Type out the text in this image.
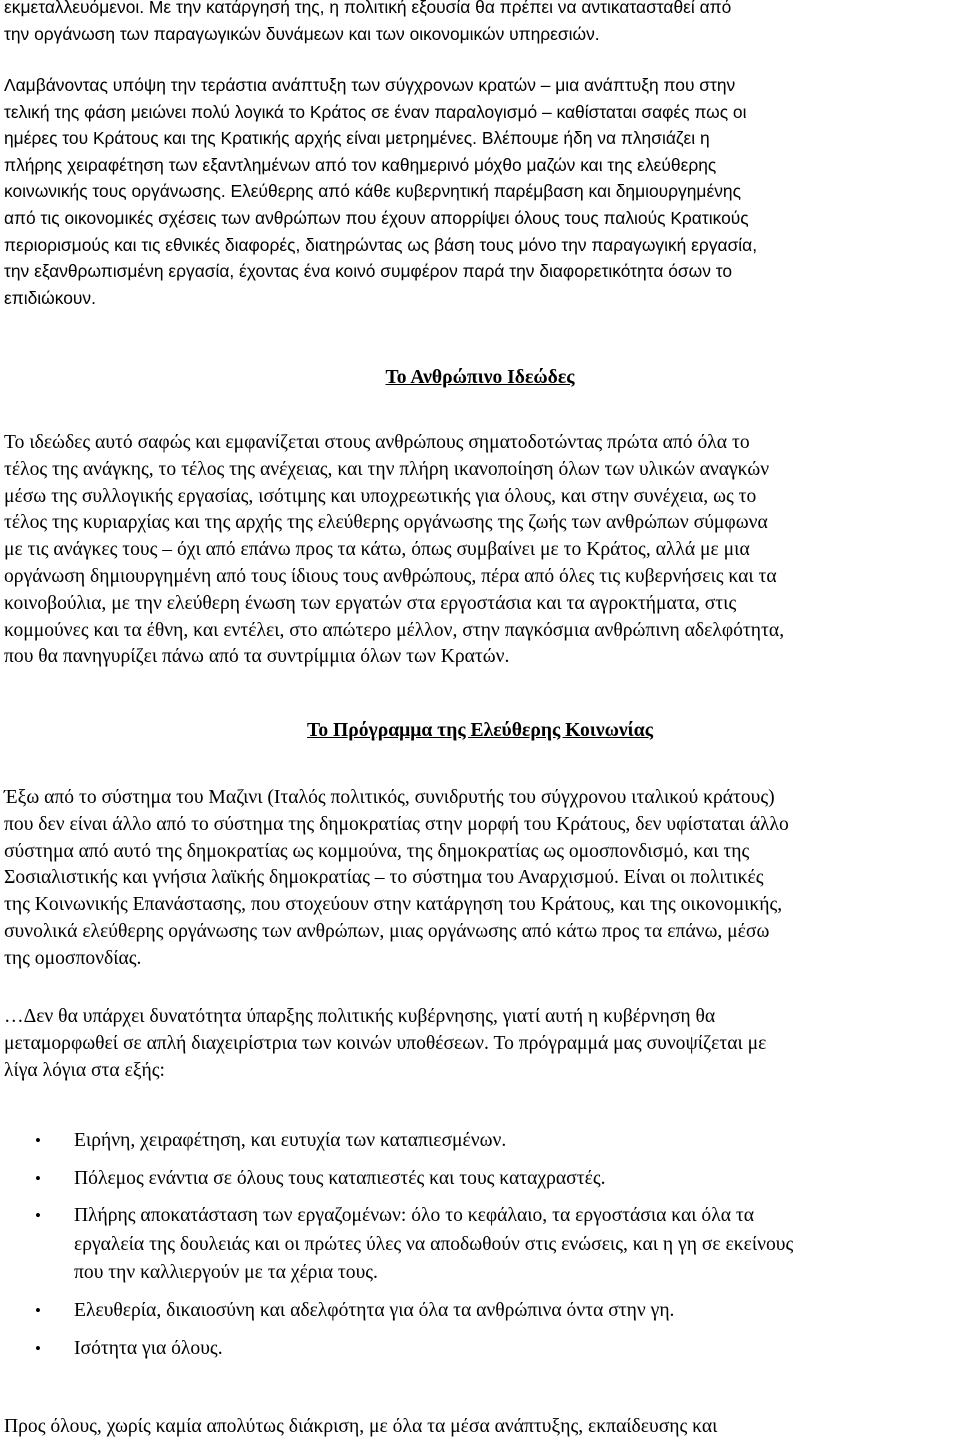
εκμεταλλευόμενοι. Με την κατάργησή της, η πολιτική εξουσία θα πρέπει να αντικατασταθεί από
την οργάνωση των παραγωγικών δυνάμεων και των οικονομικών υπηρεσιών.
Λαμβάνοντας υπόψη την τεράστια ανάπτυξη των σύγχρονων κρατών – μια ανάπτυξη που στην
τελική της φάση μειώνει πολύ λογικά το Κράτος σε έναν παραλογισμό – καθίσταται σαφές πως οι
ημέρες του Κράτους και της Κρατικής αρχής είναι μετρημένες. Βλέπουμε ήδη να πλησιάζει η
πλήρης χειραφέτηση των εξαντλημένων από τον καθημερινό μόχθο μαζών και της ελεύθερης
κοινωνικής τους οργάνωσης. Ελεύθερης από κάθε κυβερνητική παρέμβαση και δημιουργημένης
από τις οικονομικές σχέσεις των ανθρώπων που έχουν απορρίψει όλους τους παλιούς Κρατικούς
περιορισμούς και τις εθνικές διαφορές, διατηρώντας ως βάση τους μόνο την παραγωγική εργασία,
την εξανθρωπισμένη εργασία, έχοντας ένα κοινό συμφέρον παρά την διαφορετικότητα όσων το
επιδιώκουν.
Το Ανθρώπινο Ιδεώδες
Το ιδεώδες αυτό σαφώς και εμφανίζεται στους ανθρώπους σηματοδοτώντας πρώτα από όλα το
τέλος της ανάγκης, το τέλος της ανέχειας, και την πλήρη ικανοποίηση όλων των υλικών αναγκών
μέσω της συλλογικής εργασίας, ισότιμης και υποχρεωτικής για όλους, και στην συνέχεια, ως το
τέλος της κυριαρχίας και της αρχής της ελεύθερης οργάνωσης της ζωής των ανθρώπων σύμφωνα
με τις ανάγκες τους – όχι από επάνω προς τα κάτω, όπως συμβαίνει με το Κράτος, αλλά με μια
οργάνωση δημιουργημένη από τους ίδιους τους ανθρώπους, πέρα από όλες τις κυβερνήσεις και τα
κοινοβούλια, με την ελεύθερη ένωση των εργατών στα εργοστάσια και τα αγροκτήματα, στις
κομμούνες και τα έθνη, και εντέλει, στο απώτερο μέλλον, στην παγκόσμια ανθρώπινη αδελφότητα,
που θα πανηγυρίζει πάνω από τα συντρίμμια όλων των Κρατών.
Το Πρόγραμμα της Ελεύθερης Κοινωνίας
Έξω από το σύστημα του Μαζινι (Ιταλός πολιτικός, συνιδρυτής του σύγχρονου ιταλικού κράτους)
που δεν είναι άλλο από το σύστημα της δημοκρατίας στην μορφή του Κράτους, δεν υφίσταται άλλο
σύστημα από αυτό της δημοκρατίας ως κομμούνα, της δημοκρατίας ως ομοσπονδισμό, και της
Σοσιαλιστικής και γνήσια λαϊκής δημοκρατίας – το σύστημα του Αναρχισμού. Είναι οι πολιτικές
της Κοινωνικής Επανάστασης, που στοχεύουν στην κατάργηση του Κράτους, και της οικονομικής,
συνολικά ελεύθερης οργάνωσης των ανθρώπων, μιας οργάνωσης από κάτω προς τα επάνω, μέσω
της ομοσπονδίας.
…Δεν θα υπάρχει δυνατότητα ύπαρξης πολιτικής κυβέρνησης, γιατί αυτή η κυβέρνηση θα
μεταμορφωθεί σε απλή διαχειρίστρια των κοινών υποθέσεων. Το πρόγραμμά μας συνοψίζεται με
λίγα λόγια στα εξής:
• Ειρήνη, χειραφέτηση, και ευτυχία των καταπιεσμένων.
• Πόλεμος ενάντια σε όλους τους καταπιεστές και τους καταχραστές.
• Πλήρης αποκατάσταση των εργαζομένων: όλο το κεφάλαιο, τα εργοστάσια και όλα τα
εργαλεία της δουλειάς και οι πρώτες ύλες να αποδωθούν στις ενώσεις, και η γη σε εκείνους
που την καλλιεργούν με τα χέρια τους.
• Ελευθερία, δικαιοσύνη και αδελφότητα για όλα τα ανθρώπινα όντα στην γη.
• Ισότητα για όλους.
Προς όλους, χωρίς καμία απολύτως διάκριση, με όλα τα μέσα ανάπτυξης, εκπαίδευσης και
